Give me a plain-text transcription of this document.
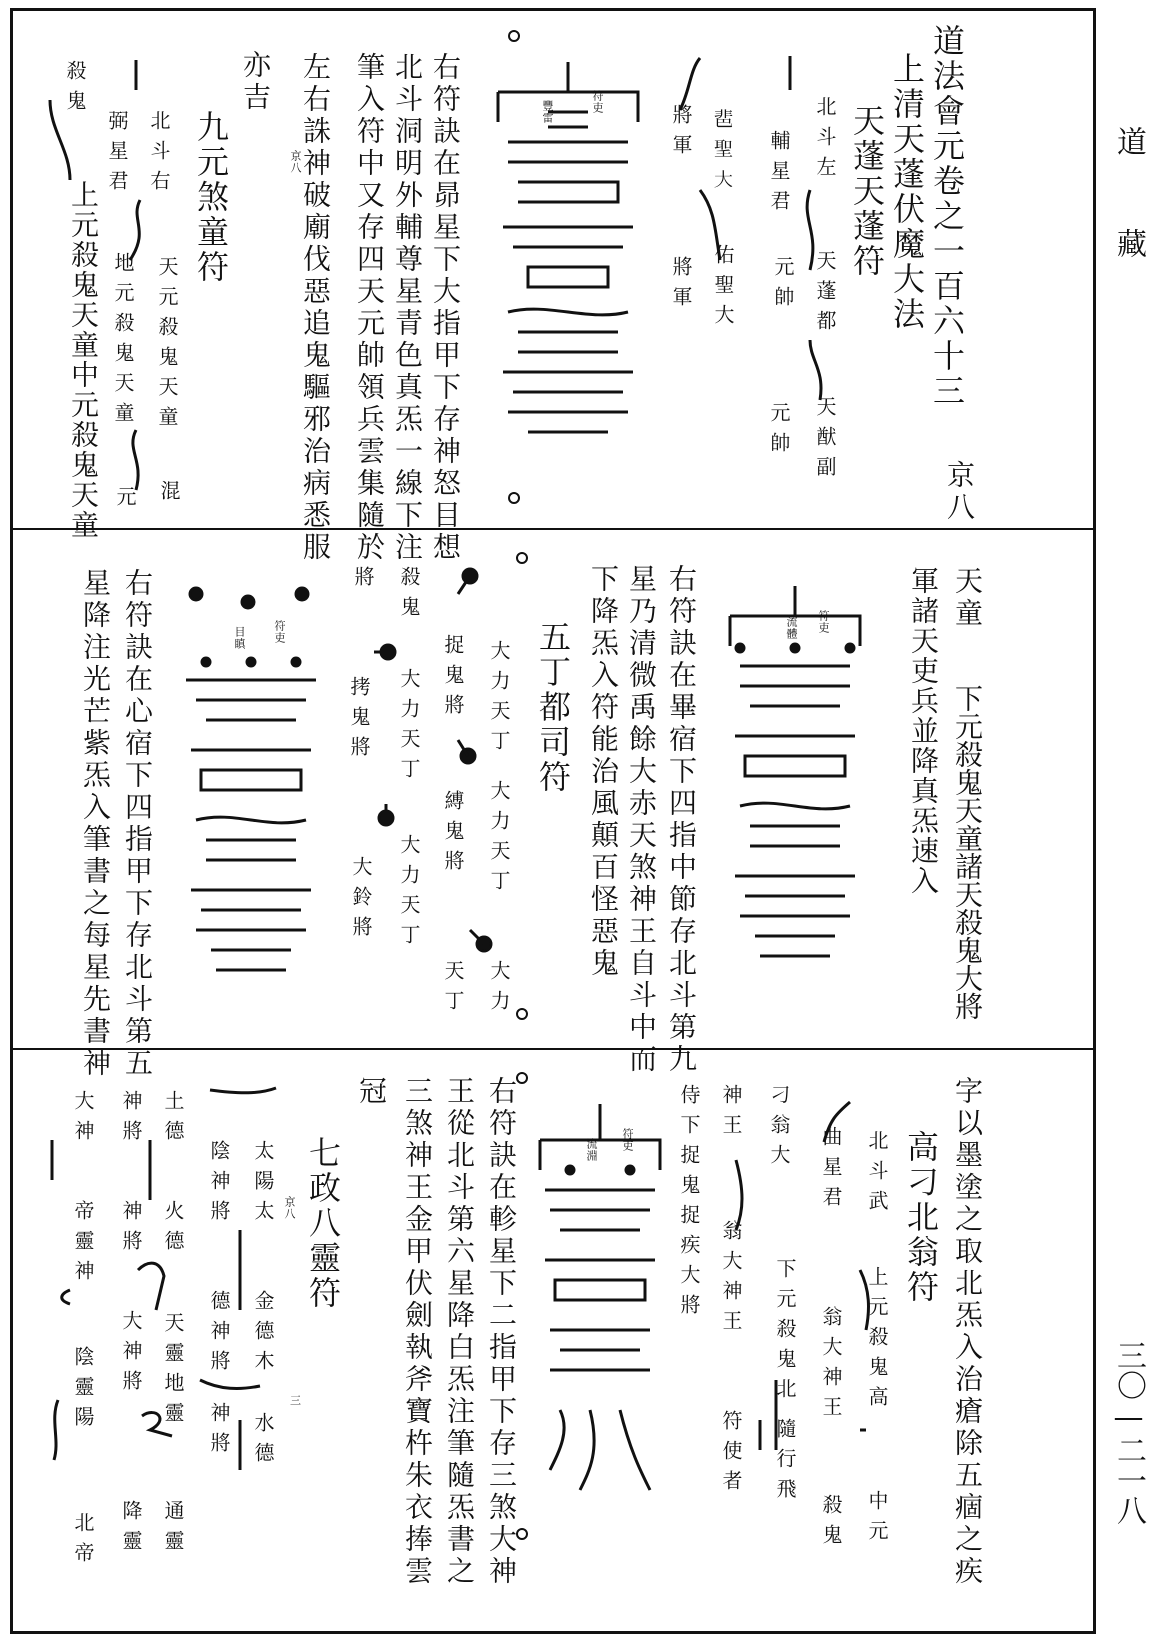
道
藏
三〇—二一八
道法會元卷之一百六十三
上清天蓬伏魔大法
天蓬天蓬符
京八
北斗左
輔星君
天蓬都
元帥
天猷副
元帥
𩇯聖大
將軍
佑聖大
將軍
符吏
豐雷
右符訣在昴星下大指甲下存神怒目想
北斗洞明外輔尊星青色真炁一線下注
筆入符中又存四天元帥領兵雲集隨於
左右誅神破廟伐惡追鬼驅邪治病悉服
京八
亦吉
九元煞童符
北斗右
弼星君
天元殺鬼天童
地元殺鬼天童
混
元
殺鬼
上元殺鬼天童中元殺鬼天童
天童
下元殺鬼天童諸天殺鬼大將
軍諸天吏兵並降真炁速入
符吏
流體
右符訣在畢宿下四指中節存北斗第九
星乃清微禹餘大赤天煞神王自斗中而
下降炁入符能治風顛百怪惡鬼
五丁都司符
大力天丁
捉鬼將
大力天丁
縛鬼將
大力天丁
拷鬼將
大力天丁
大鈴將
大力
天丁
殺鬼
將
符吏
目瞋
右符訣在心宿下四指甲下存北斗第五
星降注光芒紫炁入筆書之每星先書神
字以墨塗之取北炁入治瘡除五痼之疾
高刁北翁符
北斗武
曲星君
上元殺鬼高
中元
翁大神王
殺鬼
刁翁大
下元殺鬼北
隨行飛
神王
翁大神王
符使者
侍下捉鬼捉疾大將
符吏
流淵
右符訣在軫星下二指甲下存三煞大神
王從北斗第六星降白炁注筆隨炁書之
三煞神王金甲伏劍執斧寶杵朱衣捧雲
冠
七政八靈符
京八
三
太陽太
陰神將
金德木
德神將
水德
神將
土德
神將
火德
神將
大神將 天靈地靈
通靈
降靈
大神
帝靈神
陰靈陽
北帝
